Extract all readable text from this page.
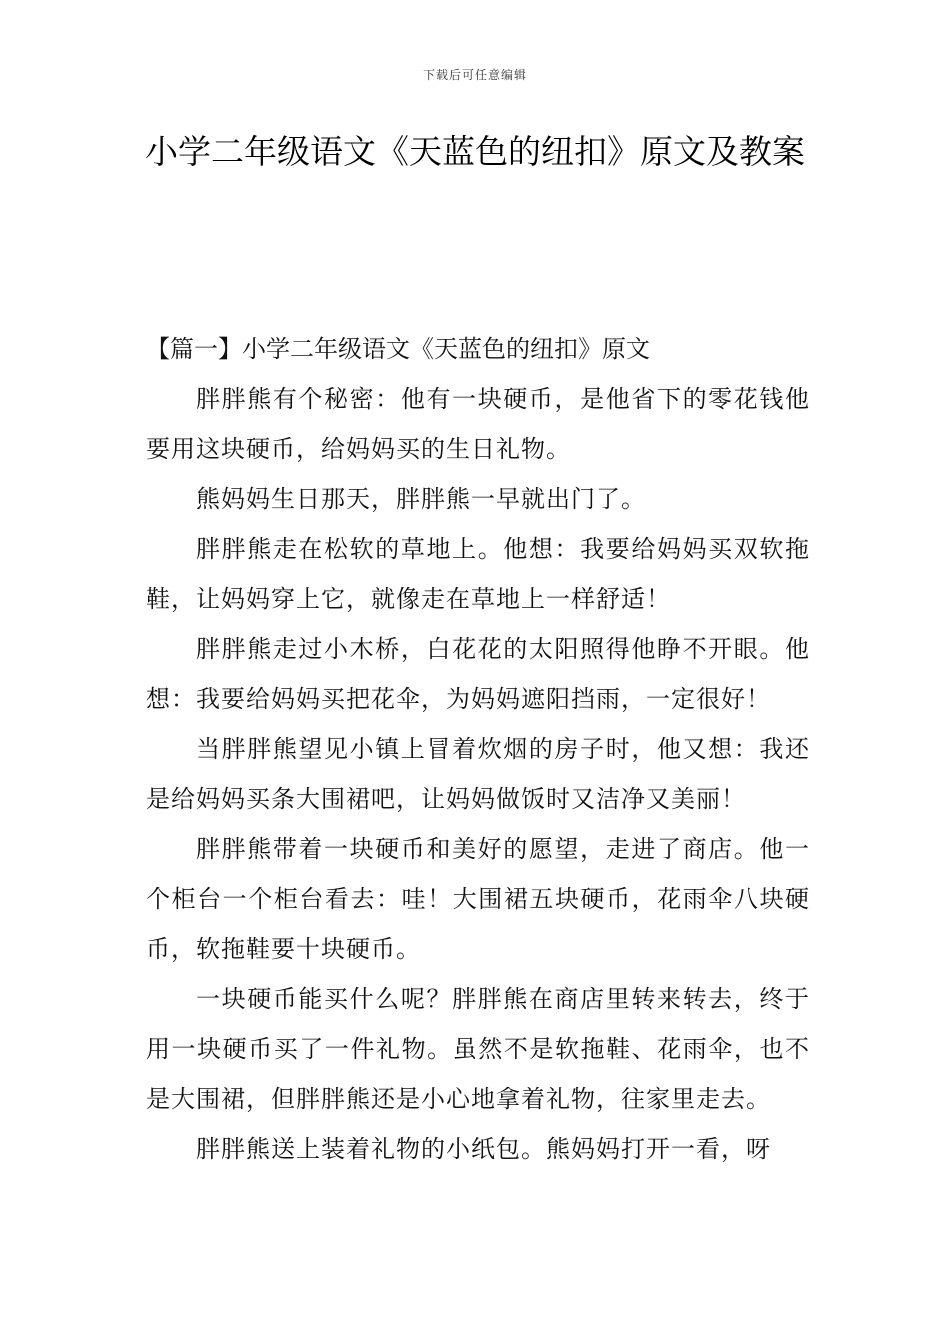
下载后可任意编辑
小学二年级语文《天蓝色的纽扣》原文及教案

【篇一】小学二年级语文《天蓝色的纽扣》原文

胖胖熊有个秘密：他有一块硬币，是他省下的零花钱他要用这块硬币，给妈妈买的生日礼物。

熊妈妈生日那天，胖胖熊一早就出门了。

胖胖熊走在松软的草地上。他想：我要给妈妈买双软拖鞋，让妈妈穿上它，就像走在草地上一样舒适！

胖胖熊走过小木桥，白花花的太阳照得他睁不开眼。他想：我要给妈妈买把花伞，为妈妈遮阳挡雨，一定很好！

当胖胖熊望见小镇上冒着炊烟的房子时，他又想：我还是给妈妈买条大围裙吧，让妈妈做饭时又洁净又美丽！

胖胖熊带着一块硬币和美好的愿望，走进了商店。他一个柜台一个柜台看去：哇！大围裙五块硬币，花雨伞八块硬币，软拖鞋要十块硬币。

一块硬币能买什么呢？胖胖熊在商店里转来转去，终于用一块硬币买了一件礼物。虽然不是软拖鞋、花雨伞，也不是大围裙，但胖胖熊还是小心地拿着礼物，往家里走去。

胖胖熊送上装着礼物的小纸包。熊妈妈打开一看，呀
